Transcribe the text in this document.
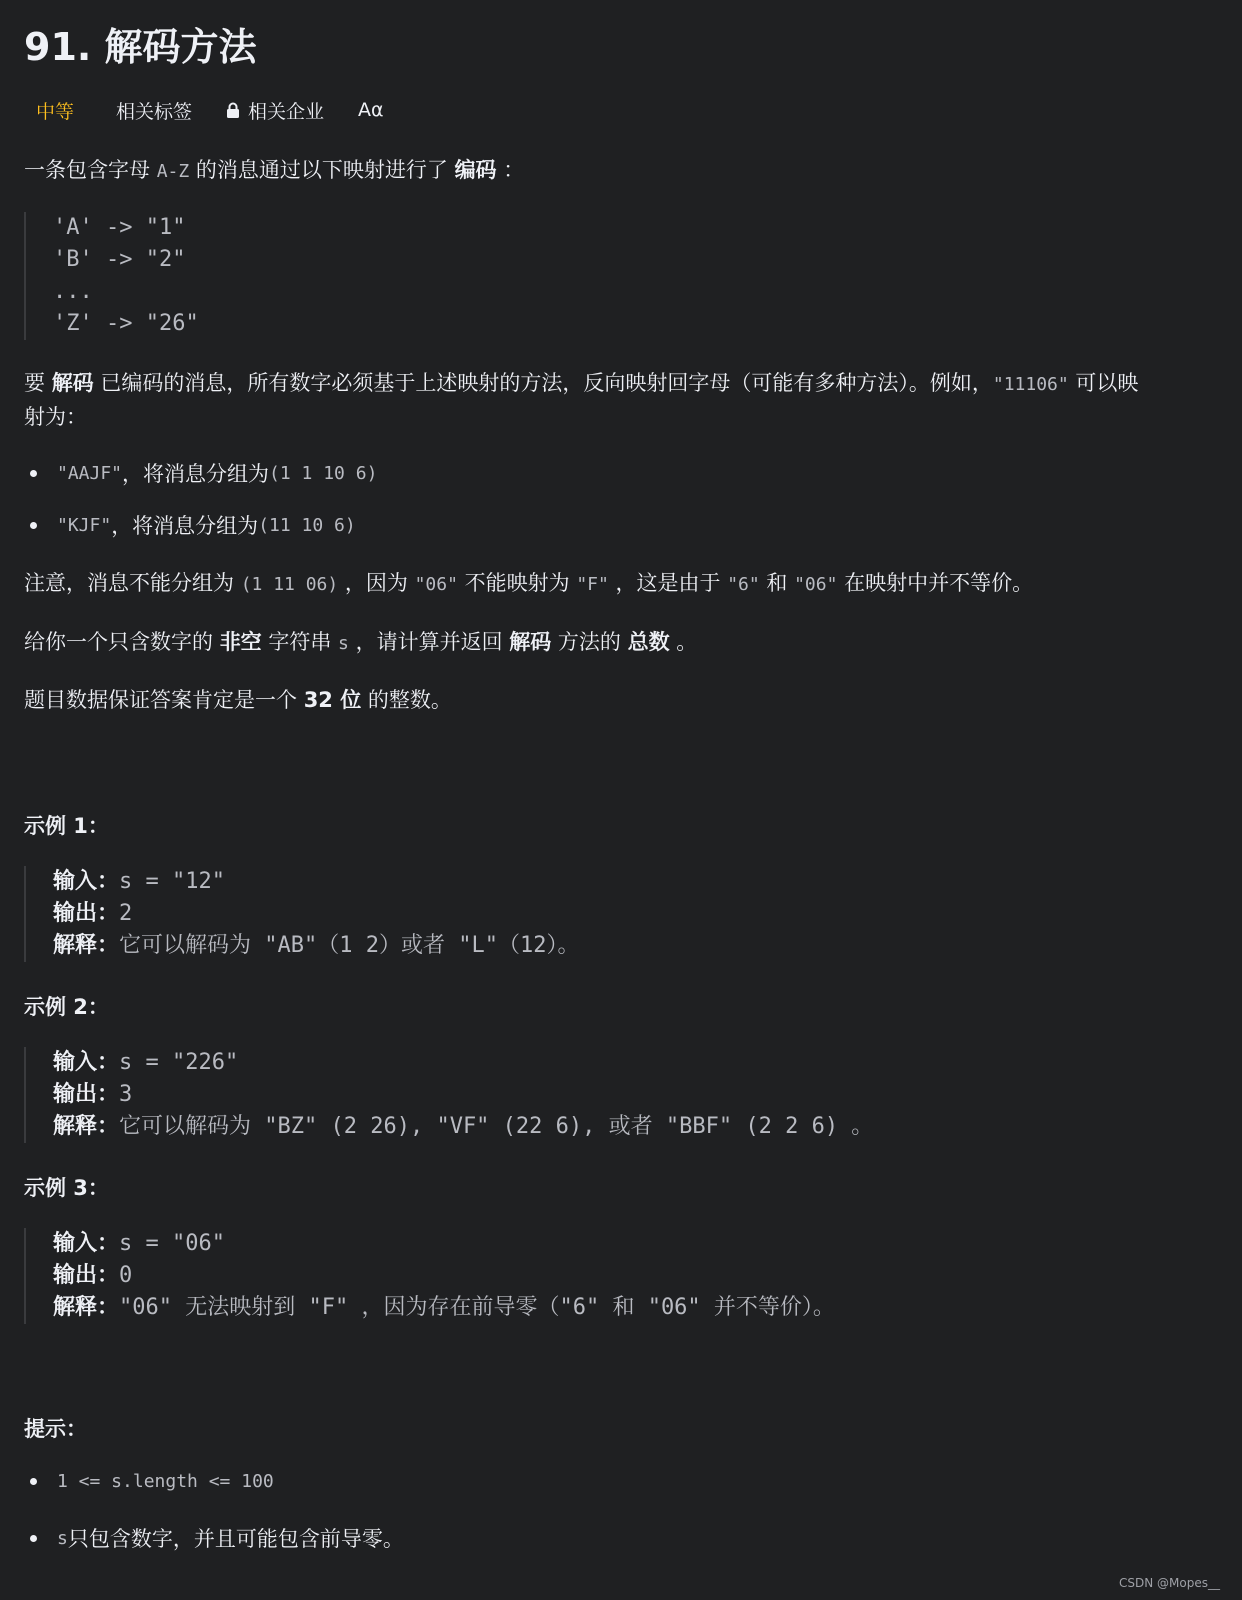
91. 解码方法
中等	相关标签	相关企业 Aα

一条包含字母 A-Z 的消息通过以下映射进行了 编码 ：

'A' -> "1"
'B' -> "2"
...
'Z' -> "26"

要 解码 已编码的消息，所有数字必须基于上述映射的方法，反向映射回字母（可能有多种方法）。例如，"11106" 可以映
射为：

"AAJF" ，将消息分组为 (1 1 10 6)
"KJF" ，将消息分组为 (11 10 6)

注意，消息不能分组为 (1 11 06) ，因为 "06" 不能映射为 "F" ，这是由于 "6" 和 "06" 在映射中并不等价。

给你一个只含数字的 非空 字符串 s ，请计算并返回 解码 方法的 总数 。

题目数据保证答案肯定是一个 32 位 的整数。

示例 1：
输入：s = "12"
输出：2
解释：它可以解码为 "AB"（1 2）或者 "L"（12）。
示例 2：
输入：s = "226"
输出：3
解释：它可以解码为 "BZ" (2 26), "VF" (22 6), 或者 "BBF" (2 2 6) 。
示例 3：
输入：s = "06"
输出：0
解释："06" 无法映射到 "F" ，因为存在前导零（"6" 和 "06" 并不等价）。
提示：
1 <= s.length <= 100
s 只包含数字，并且可能包含前导零。
CSDN @Mopes__
